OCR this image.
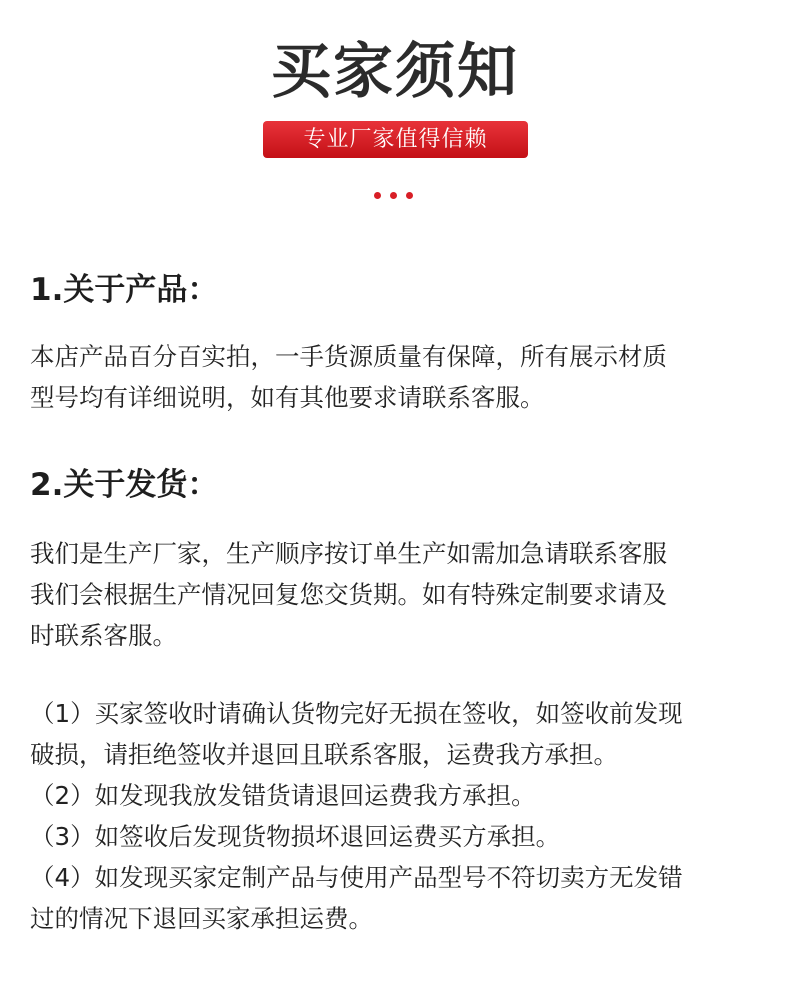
买家须知
专业厂家值得信赖
1.关于产品：
本店产品百分百实拍，一手货源质量有保障，所有展示材质
型号均有详细说明，如有其他要求请联系客服。
2.关于发货：
我们是生产厂家，生产顺序按订单生产如需加急请联系客服
我们会根据生产情况回复您交货期。如有特殊定制要求请及
时联系客服。
（1）买家签收时请确认货物完好无损在签收，如签收前发现
破损，请拒绝签收并退回且联系客服，运费我方承担。
（2）如发现我放发错货请退回运费我方承担。
（3）如签收后发现货物损坏退回运费买方承担。
（4）如发现买家定制产品与使用产品型号不符切卖方无发错
过的情况下退回买家承担运费。
